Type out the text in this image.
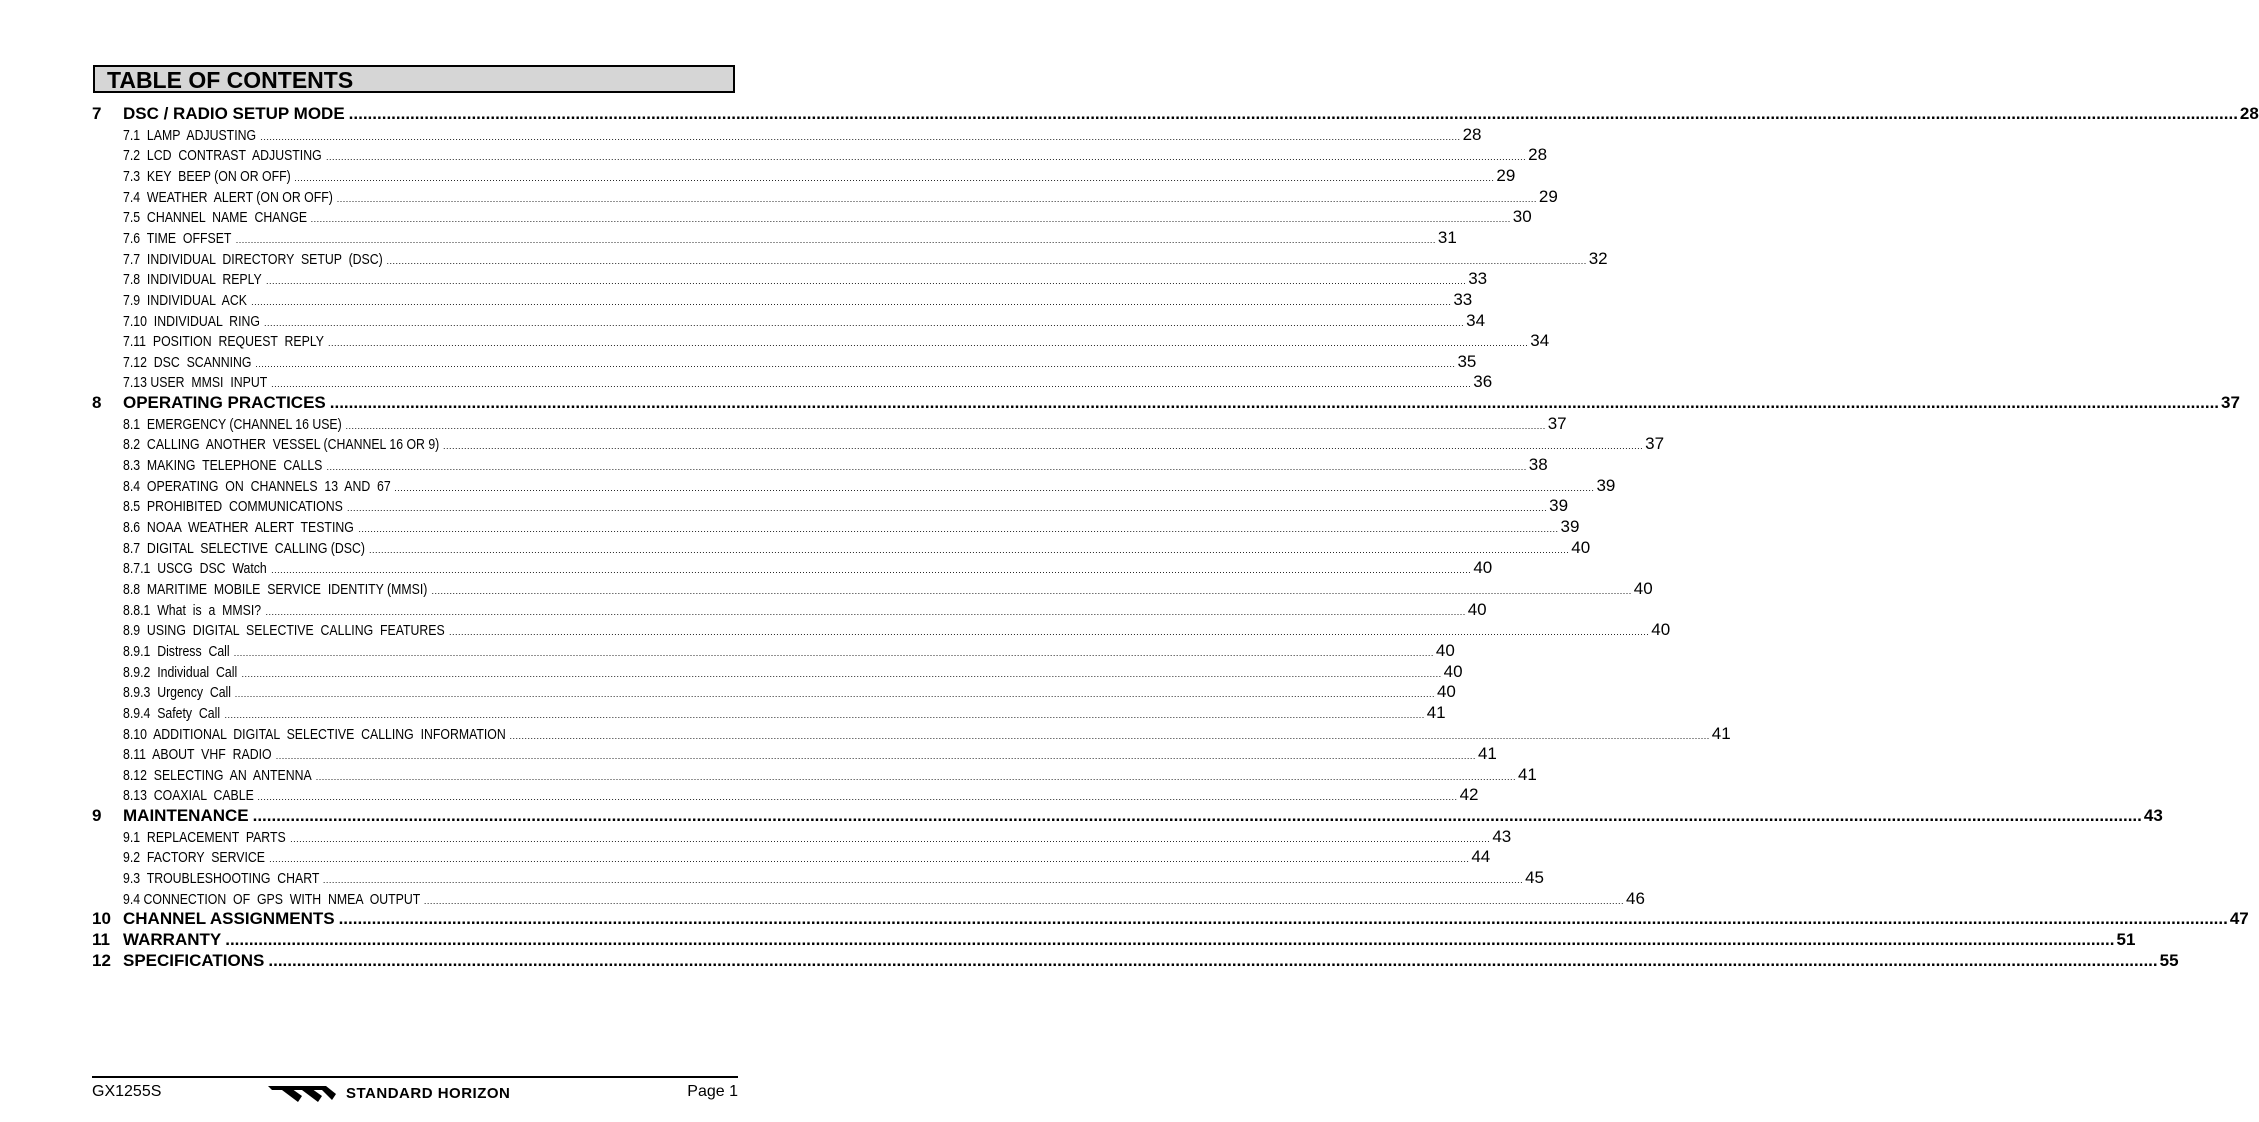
TABLE OF CONTENTS
7 DSC / RADIO SETUP MODE ................................................................................................................................................................................................................................................................................................................................................................................................................ 28
7.1  LAMP  ADJUSTING ................................................................................................................................................................................................................................................................................................................................................................................................................ 28
7.2  LCD  CONTRAST  ADJUSTING ................................................................................................................................................................................................................................................................................................................................................................................................................ 28
7.3  KEY  BEEP (ON OR OFF) ................................................................................................................................................................................................................................................................................................................................................................................................................ 29
7.4  WEATHER  ALERT (ON OR OFF) ................................................................................................................................................................................................................................................................................................................................................................................................................ 29
7.5  CHANNEL  NAME  CHANGE ................................................................................................................................................................................................................................................................................................................................................................................................................ 30
7.6  TIME  OFFSET ................................................................................................................................................................................................................................................................................................................................................................................................................ 31
7.7  INDIVIDUAL  DIRECTORY  SETUP  (DSC) ................................................................................................................................................................................................................................................................................................................................................................................................................ 32
7.8  INDIVIDUAL  REPLY ................................................................................................................................................................................................................................................................................................................................................................................................................ 33
7.9  INDIVIDUAL  ACK ................................................................................................................................................................................................................................................................................................................................................................................................................ 33
7.10  INDIVIDUAL  RING ................................................................................................................................................................................................................................................................................................................................................................................................................ 34
7.11  POSITION  REQUEST  REPLY ................................................................................................................................................................................................................................................................................................................................................................................................................ 34
7.12  DSC  SCANNING ................................................................................................................................................................................................................................................................................................................................................................................................................ 35
7.13 USER  MMSI  INPUT ................................................................................................................................................................................................................................................................................................................................................................................................................ 36
8 OPERATING PRACTICES ................................................................................................................................................................................................................................................................................................................................................................................................................ 37
8.1  EMERGENCY (CHANNEL 16 USE) ................................................................................................................................................................................................................................................................................................................................................................................................................ 37
8.2  CALLING  ANOTHER  VESSEL (CHANNEL 16 OR 9) ................................................................................................................................................................................................................................................................................................................................................................................................................ 37
8.3  MAKING  TELEPHONE  CALLS ................................................................................................................................................................................................................................................................................................................................................................................................................ 38
8.4  OPERATING  ON  CHANNELS  13  AND  67 ................................................................................................................................................................................................................................................................................................................................................................................................................ 39
8.5  PROHIBITED  COMMUNICATIONS ................................................................................................................................................................................................................................................................................................................................................................................................................ 39
8.6  NOAA  WEATHER  ALERT  TESTING ................................................................................................................................................................................................................................................................................................................................................................................................................ 39
8.7  DIGITAL  SELECTIVE  CALLING (DSC) ................................................................................................................................................................................................................................................................................................................................................................................................................ 40
8.7.1  USCG  DSC  Watch ................................................................................................................................................................................................................................................................................................................................................................................................................ 40
8.8  MARITIME  MOBILE  SERVICE  IDENTITY (MMSI) ................................................................................................................................................................................................................................................................................................................................................................................................................ 40
8.8.1  What  is  a  MMSI? ................................................................................................................................................................................................................................................................................................................................................................................................................ 40
8.9  USING  DIGITAL  SELECTIVE  CALLING  FEATURES ................................................................................................................................................................................................................................................................................................................................................................................................................ 40
8.9.1  Distress  Call ................................................................................................................................................................................................................................................................................................................................................................................................................ 40
8.9.2  Individual  Call ................................................................................................................................................................................................................................................................................................................................................................................................................ 40
8.9.3  Urgency  Call ................................................................................................................................................................................................................................................................................................................................................................................................................ 40
8.9.4  Safety  Call ................................................................................................................................................................................................................................................................................................................................................................................................................ 41
8.10  ADDITIONAL  DIGITAL  SELECTIVE  CALLING  INFORMATION ................................................................................................................................................................................................................................................................................................................................................................................................................ 41
8.11  ABOUT  VHF  RADIO ................................................................................................................................................................................................................................................................................................................................................................................................................ 41
8.12  SELECTING  AN  ANTENNA ................................................................................................................................................................................................................................................................................................................................................................................................................ 41
8.13  COAXIAL  CABLE ................................................................................................................................................................................................................................................................................................................................................................................................................ 42
9 MAINTENANCE ................................................................................................................................................................................................................................................................................................................................................................................................................ 43
9.1  REPLACEMENT  PARTS ................................................................................................................................................................................................................................................................................................................................................................................................................ 43
9.2  FACTORY  SERVICE ................................................................................................................................................................................................................................................................................................................................................................................................................ 44
9.3  TROUBLESHOOTING  CHART ................................................................................................................................................................................................................................................................................................................................................................................................................ 45
9.4 CONNECTION  OF  GPS  WITH  NMEA  OUTPUT ................................................................................................................................................................................................................................................................................................................................................................................................................ 46
10 CHANNEL ASSIGNMENTS ................................................................................................................................................................................................................................................................................................................................................................................................................ 47
11 WARRANTY ................................................................................................................................................................................................................................................................................................................................................................................................................ 51
12 SPECIFICATIONS ................................................................................................................................................................................................................................................................................................................................................................................................................ 55
GX1255S	STANDARD HORIZON	Page 1
